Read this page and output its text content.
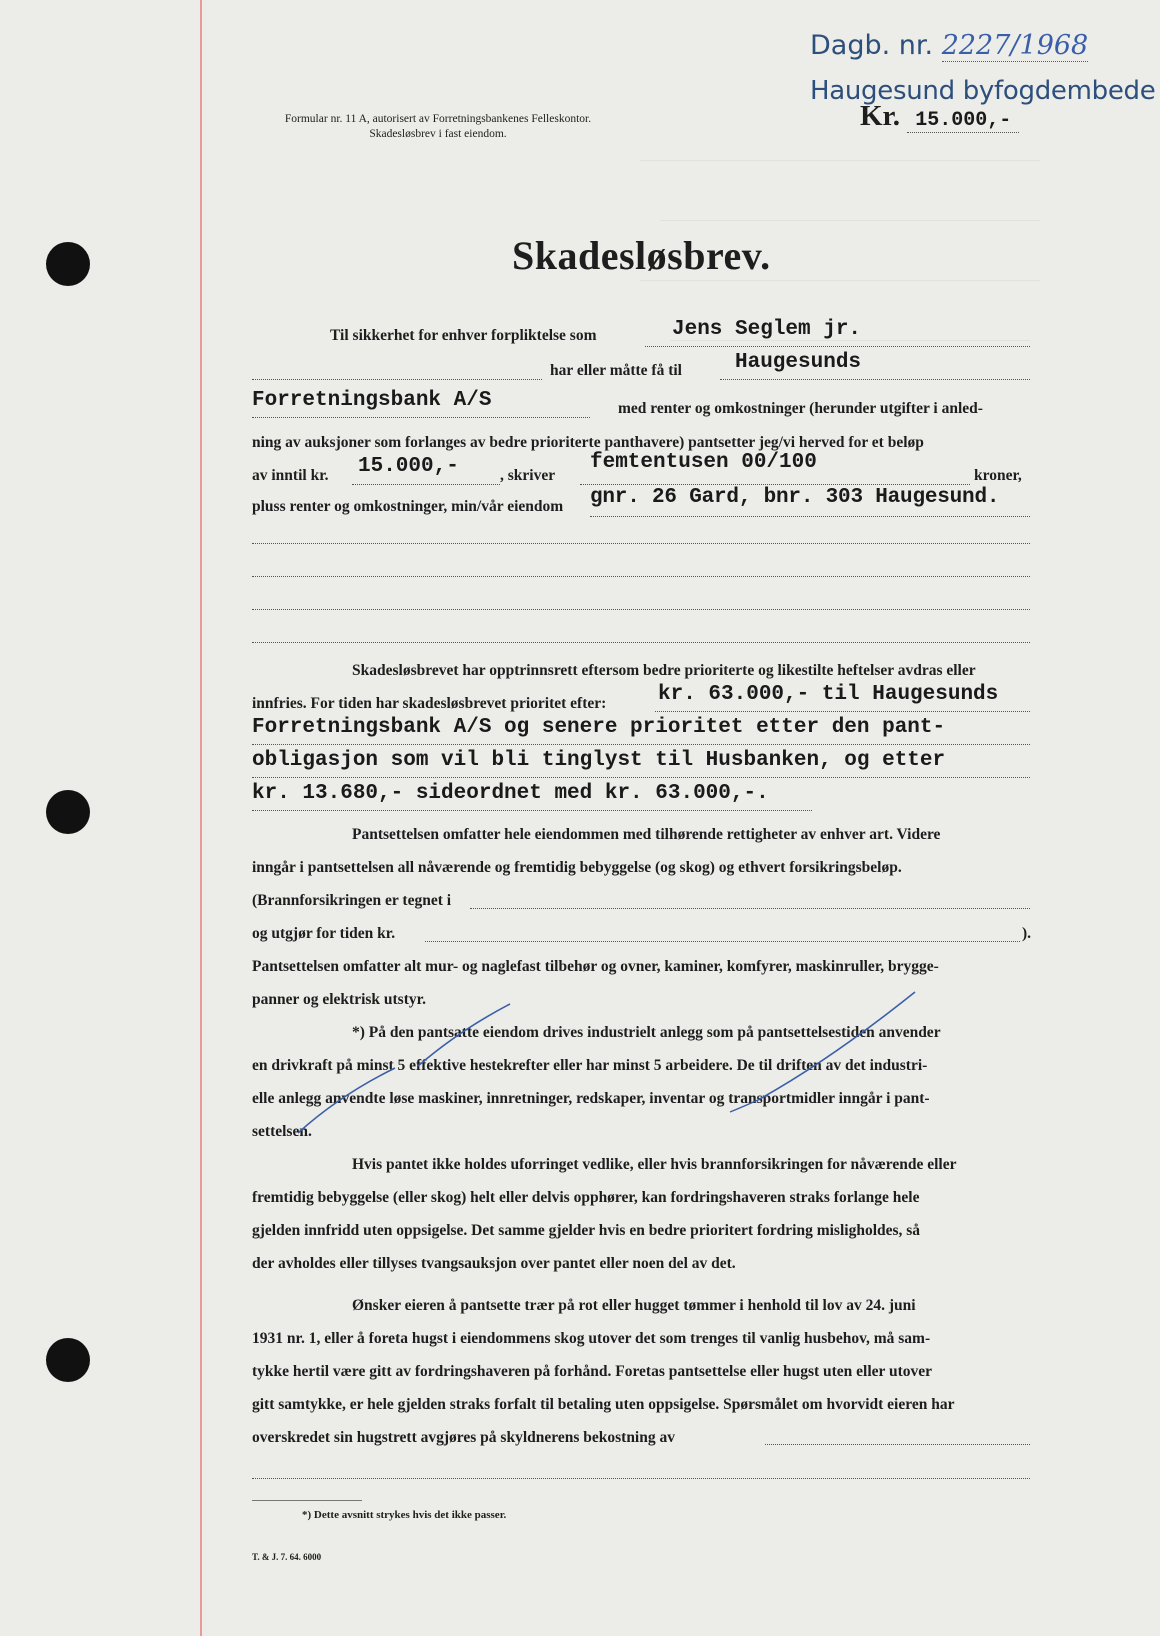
Formular nr. 11 A, autorisert av Forretningsbankenes Felleskontor.
Skadesløsbrev i fast eiendom.
Dagb. nr. 2227/1968
Haugesund byfogdembede
Kr. 15.000,-
Skadesløsbrev.
Til sikkerhet for enhver forpliktelse som	Jens Seglem jr.
har eller måtte få til	Haugesunds
Forretningsbank A/S	med renter og omkostninger (herunder utgifter i anled-
ning av auksjoner som forlanges av bedre prioriterte panthavere) pantsetter jeg/vi herved for et beløp
av inntil kr. 15.000,-	, skriver
femtentusen 00/100
kroner,
pluss renter og omkostninger, min/vår eiendom gnr. 26 Gard, bnr. 303 Haugesund.
Skadesløsbrevet har opptrinnsrett eftersom bedre prioriterte og likestilte heftelser avdras eller
innfries. For tiden har skadesløsbrevet prioritet efter: kr. 63.000,- til Haugesunds
Forretningsbank A/S og senere prioritet etter den pant-
obligasjon som vil bli tinglyst til Husbanken, og etter
kr. 13.680,- sideordnet med kr. 63.000,-.
Pantsettelsen omfatter hele eiendommen med tilhørende rettigheter av enhver art. Videre
inngår i pantsettelsen all nåværende og fremtidig bebyggelse (og skog) og ethvert forsikringsbeløp.
(Brannforsikringen er tegnet i
og utgjør for tiden kr.	).
Pantsettelsen omfatter alt mur- og naglefast tilbehør og ovner, kaminer, komfyrer, maskinruller, brygge-
panner og elektrisk utstyr.
*) På den pantsatte eiendom drives industrielt anlegg som på pantsettelsestiden anvender
en drivkraft på minst 5 effektive hestekrefter eller har minst 5 arbeidere. De til driften av det industri-
elle anlegg anvendte løse maskiner, innretninger, redskaper, inventar og transportmidler inngår i pant-
settelsen.
Hvis pantet ikke holdes uforringet vedlike, eller hvis brannforsikringen for nåværende eller
fremtidig bebyggelse (eller skog) helt eller delvis opphører, kan fordringshaveren straks forlange hele
gjelden innfridd uten oppsigelse. Det samme gjelder hvis en bedre prioritert fordring misligholdes, så
der avholdes eller tillyses tvangsauksjon over pantet eller noen del av det.
Ønsker eieren å pantsette trær på rot eller hugget tømmer i henhold til lov av 24. juni
1931 nr. 1, eller å foreta hugst i eiendommens skog utover det som trenges til vanlig husbehov, må sam-
tykke hertil være gitt av fordringshaveren på forhånd. Foretas pantsettelse eller hugst uten eller utover
gitt samtykke, er hele gjelden straks forfalt til betaling uten oppsigelse. Spørsmålet om hvorvidt eieren har
overskredet sin hugstrett avgjøres på skyldnerens bekostning av
*) Dette avsnitt strykes hvis det ikke passer.
T. & J. 7. 64. 6000
